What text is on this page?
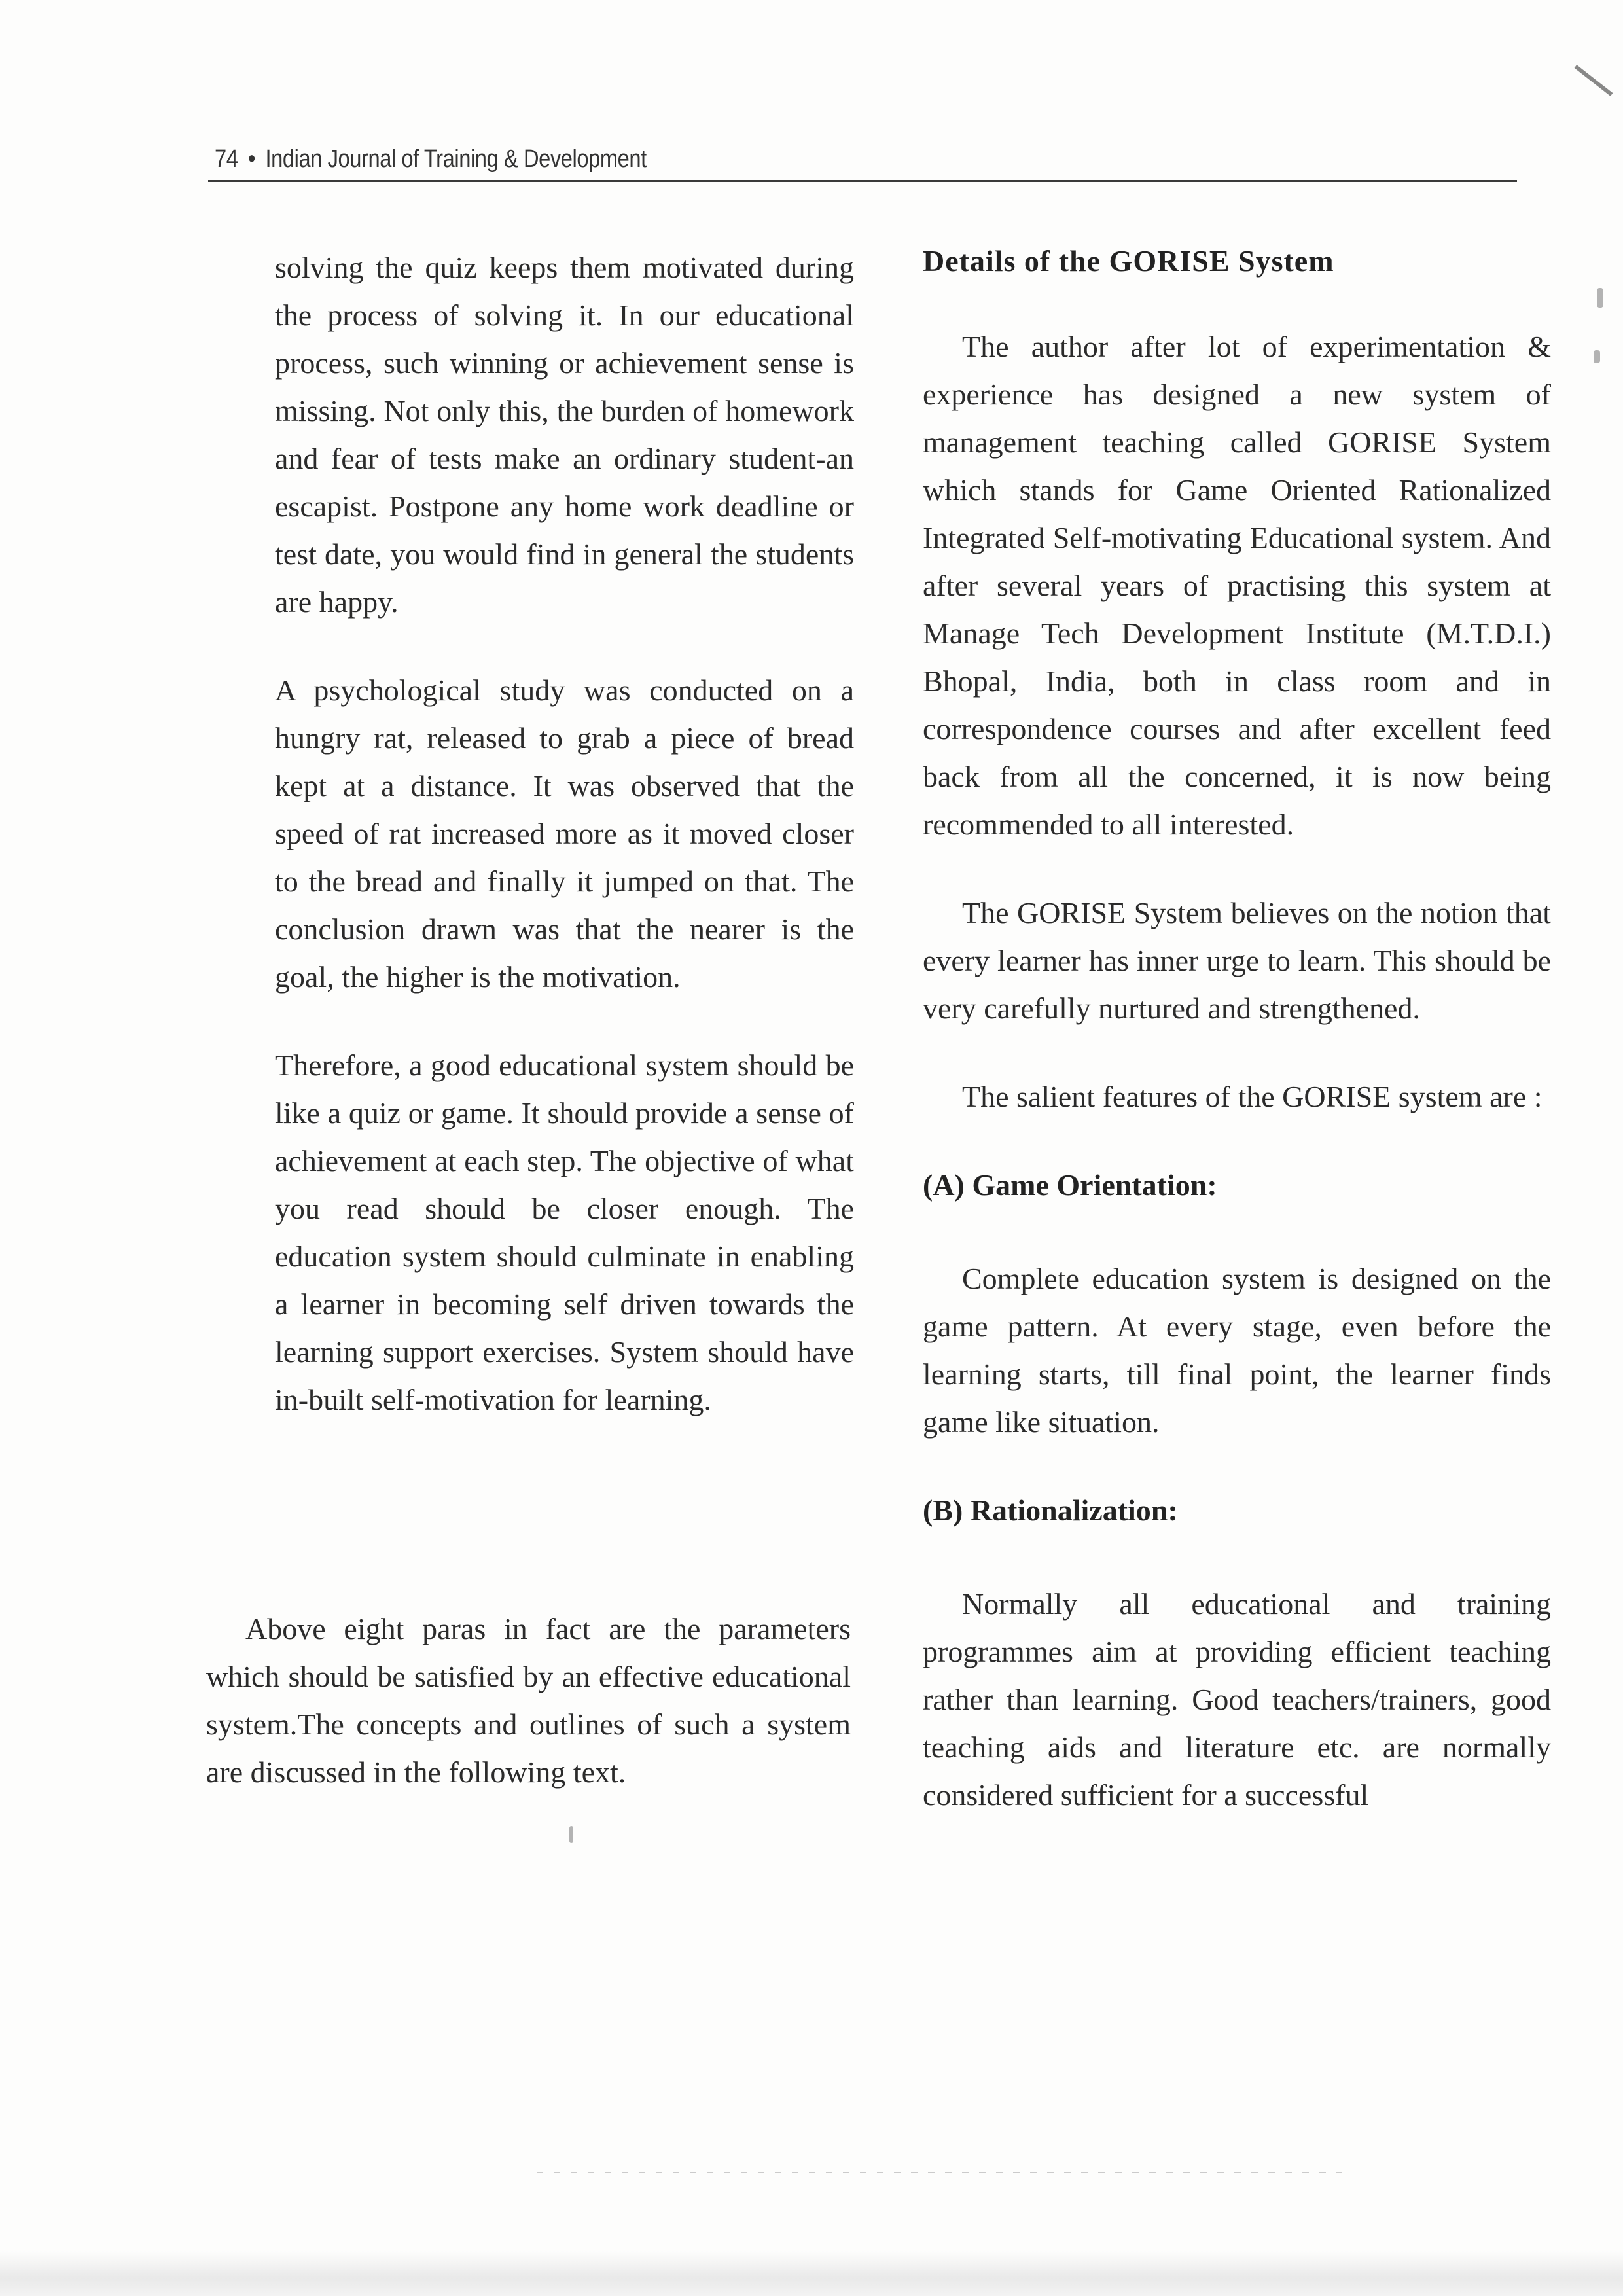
74 • Indian Journal of Training & Development

solving the quiz keeps them motivated during the process of solving it. In our educational process, such winning or achievement sense is missing. Not only this, the burden of homework and fear of tests make an ordinary student-an escapist. Postpone any home work deadline or test date, you would find in general the students are happy.

A psychological study was conducted on a hungry rat, released to grab a piece of bread kept at a distance. It was observed that the speed of rat increased more as it moved closer to the bread and finally it jumped on that. The conclusion drawn was that the nearer is the goal, the higher is the motivation.

Therefore, a good educational system should be like a quiz or game. It should provide a sense of achievement at each step. The objective of what you read should be closer enough. The education system should culminate in enabling a learner in becoming self driven towards the learning support exercises. System should have in-built self-motivation for learning.

Above eight paras in fact are the parameters which should be satisfied by an effective educational system.The concepts and outlines of such a system are discussed in the following text.

Details of the GORISE System

The author after lot of experimentation & experience has designed a new system of management teaching called GORISE System which stands for Game Oriented Rationalized Integrated Self-motivating Educational system. And after several years of practising this system at Manage Tech Development Institute (M.T.D.I.) Bhopal, India, both in class room and in correspondence courses and after excellent feed back from all the concerned, it is now being recommended to all interested.

The GORISE System believes on the notion that every learner has inner urge to learn. This should be very carefully nurtured and strengthened.

The salient features of the GORISE system are :

(A) Game Orientation:

Complete education system is designed on the game pattern. At every stage, even before the learning starts, till final point, the learner finds game like situation.

(B) Rationalization:

Normally all educational and training programmes aim at providing efficient teaching rather than learning. Good teachers/trainers, good teaching aids and literature etc. are normally considered sufficient for a successful
